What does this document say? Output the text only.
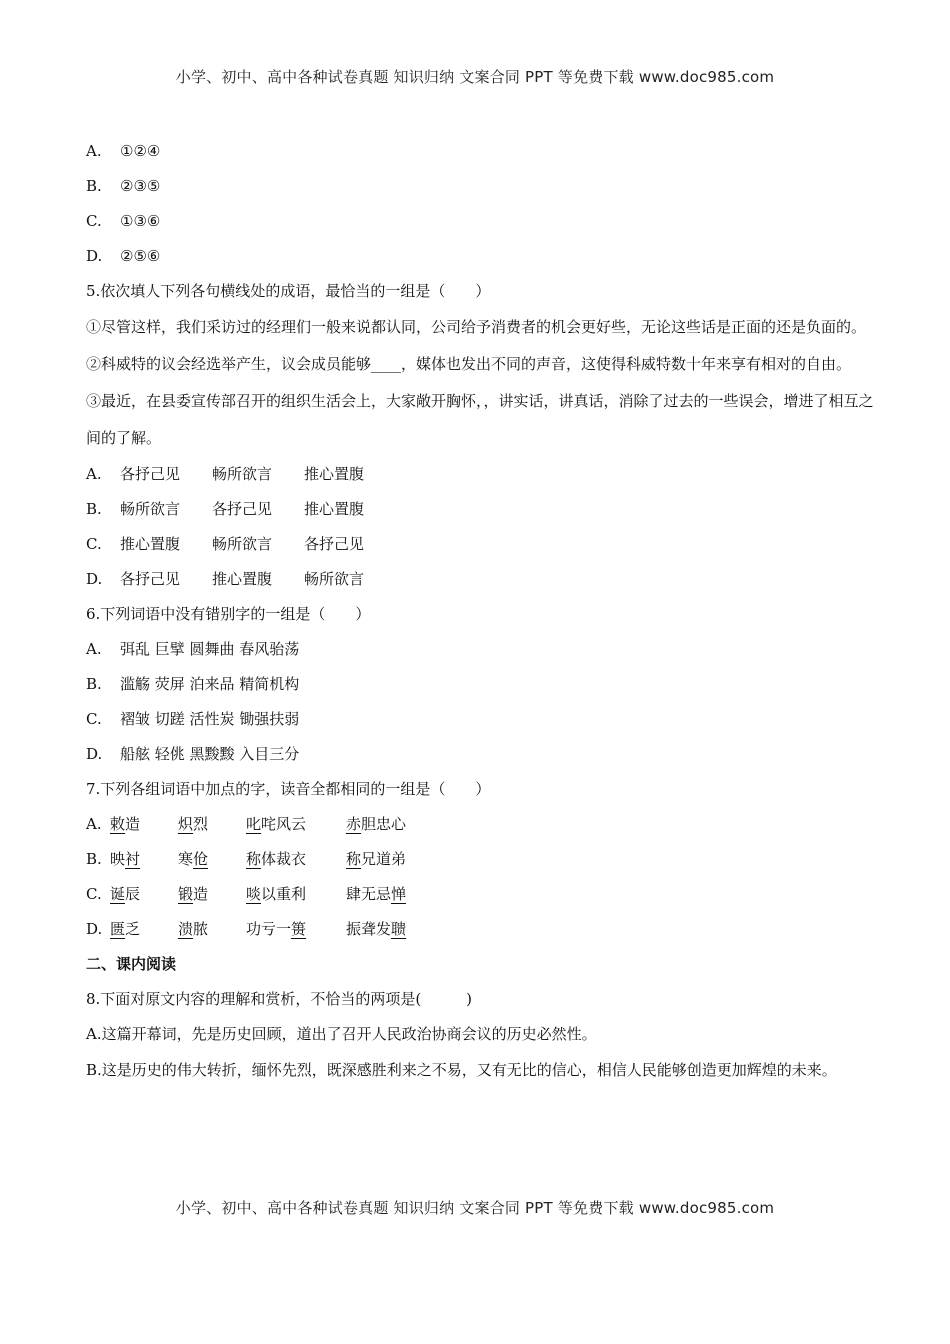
小学、初中、高中各种试卷真题 知识归纳 文案合同 PPT 等免费下载 www.doc985.com
A. ①②④
B. ②③⑤
C. ①③⑥
D. ②⑤⑥
5.依次填人下列各句横线处的成语，最恰当的一组是（　　）
①尽管这样，我们采访过的经理们一般来说都认同，公司给予消费者的机会更好些，无论这些话是正面的还是负面的。
②科威特的议会经选举产生，议会成员能够____，媒体也发出不同的声音，这使得科威特数十年来享有相对的自由。
③最近，在县委宣传部召开的组织生活会上，大家敞开胸怀，，讲实话，讲真话，消除了过去的一些误会，增进了相互之间的了解。
A. 各抒己见 畅所欲言 推心置腹
B. 畅所欲言 各抒己见 推心置腹
C. 推心置腹 畅所欲言 各抒己见
D. 各抒己见 推心置腹 畅所欲言
6.下列词语中没有错别字的一组是（　　）
A. 弭乱 巨擘 圆舞曲 春风骀荡
B. 滥觞 荧屏 泊来品 精简机构
C. 褶皱 切蹉 活性炭 锄强扶弱
D. 船舷 轻佻 黑黢黢 入目三分
7.下列各组词语中加点的字，读音全都相同的一组是（　　）
A. 敕造	炽烈	叱咤风云	赤胆忠心
B. 映衬	寒伧	称体裁衣	称兄道弟
C. 诞辰	锻造	啖以重利	肆无忌惮
D. 匮乏	溃脓	功亏一篑	振聋发聩
二、课内阅读
8.下面对原文内容的理解和赏析，不恰当的两项是(　　　)
A.这篇开幕词，先是历史回顾，道出了召开人民政治协商会议的历史必然性。
B.这是历史的伟大转折，缅怀先烈，既深感胜利来之不易，又有无比的信心，相信人民能够创造更加辉煌的未来。
小学、初中、高中各种试卷真题 知识归纳 文案合同 PPT 等免费下载 www.doc985.com
